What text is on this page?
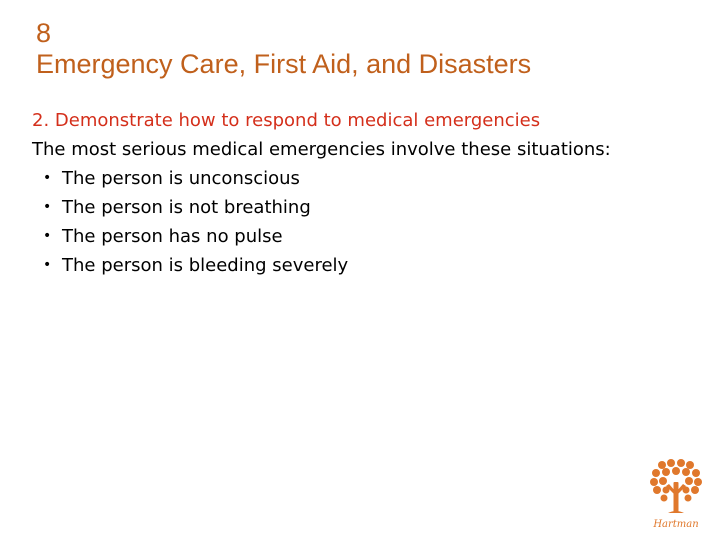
8
Emergency Care, First Aid, and Disasters
2. Demonstrate how to respond to medical emergencies
The most serious medical emergencies involve these situations:
• The person is unconscious
• The person is not breathing
• The person has no pulse
• The person is bleeding severely
Hartman
